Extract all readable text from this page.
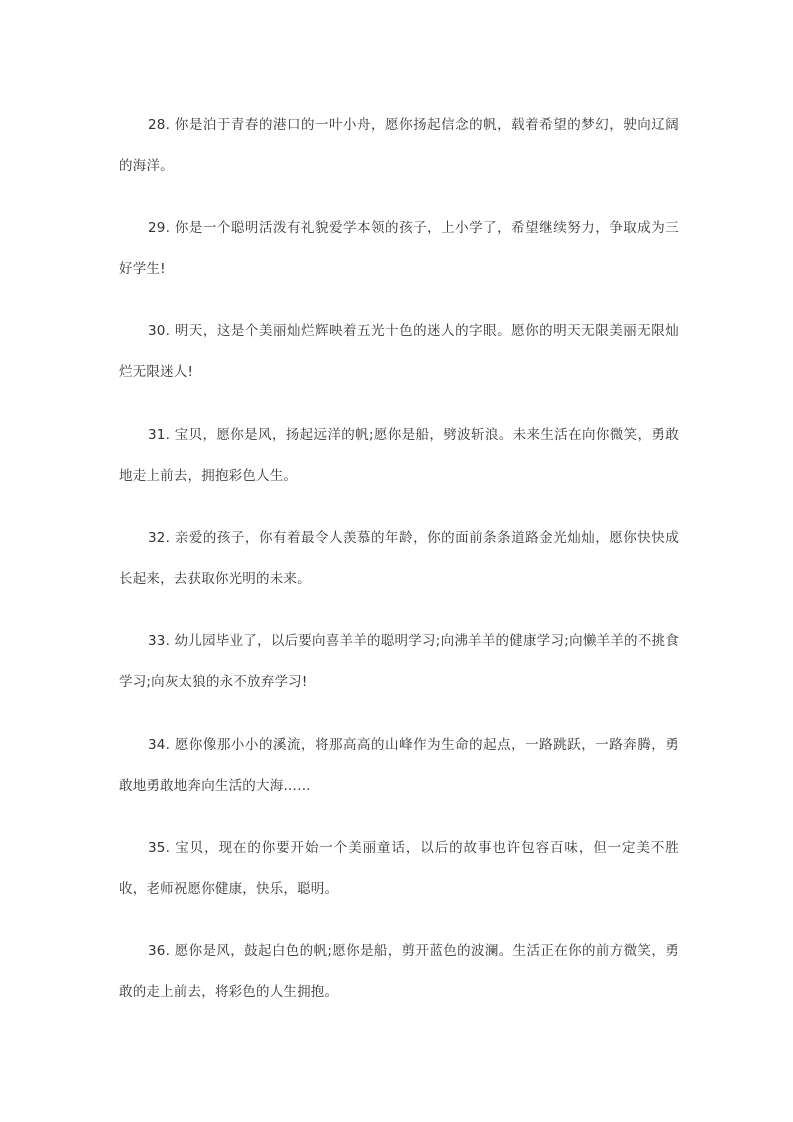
28. 你是泊于青春的港口的一叶小舟，愿你扬起信念的帆，载着希望的梦幻，驶向辽阔的海洋。

29. 你是一个聪明活泼有礼貌爱学本领的孩子，上小学了，希望继续努力，争取成为三好学生!

30. 明天，这是个美丽灿烂辉映着五光十色的迷人的字眼。愿你的明天无限美丽无限灿烂无限迷人!

31. 宝贝，愿你是风，扬起远洋的帆;愿你是船，劈波斩浪。未来生活在向你微笑，勇敢地走上前去，拥抱彩色人生。

32. 亲爱的孩子，你有着最令人羡慕的年龄，你的面前条条道路金光灿灿，愿你快快成长起来，去获取你光明的未来。

33. 幼儿园毕业了，以后要向喜羊羊的聪明学习;向沸羊羊的健康学习;向懒羊羊的不挑食学习;向灰太狼的永不放弃学习!

34. 愿你像那小小的溪流，将那高高的山峰作为生命的起点，一路跳跃，一路奔腾，勇敢地勇敢地奔向生活的大海……

35. 宝贝，现在的你要开始一个美丽童话，以后的故事也许包容百味，但一定美不胜收，老师祝愿你健康，快乐，聪明。

36. 愿你是风，鼓起白色的帆;愿你是船，剪开蓝色的波澜。生活正在你的前方微笑，勇敢的走上前去，将彩色的人生拥抱。
